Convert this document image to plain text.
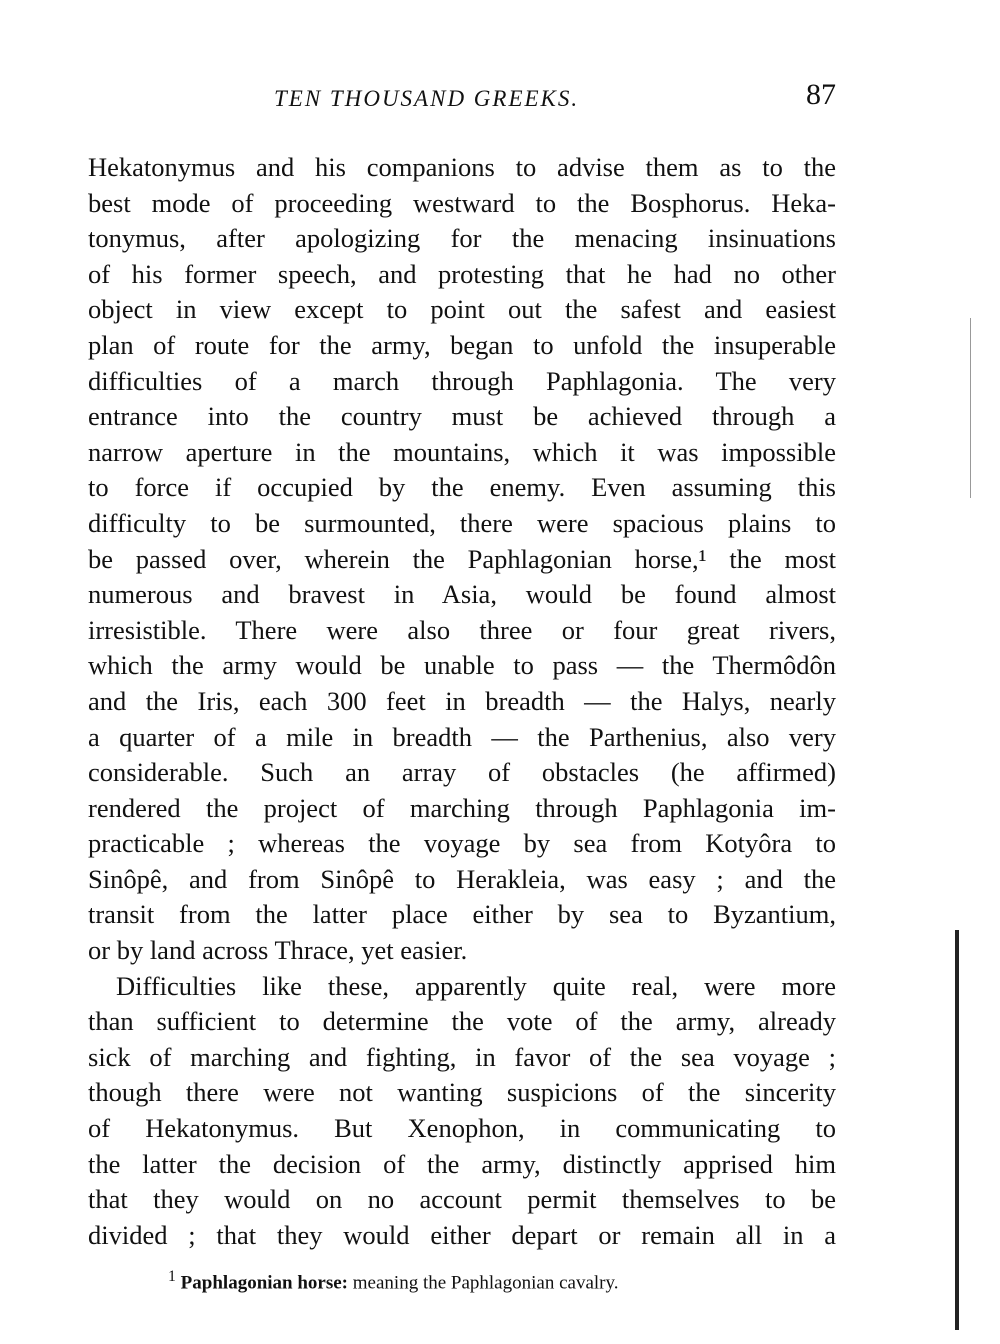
TEN THOUSAND GREEKS.	87
Hekatonymus and his companions to advise them as to the
best mode of proceeding westward to the Bosphorus. Heka-
tonymus, after apologizing for the menacing insinuations
of his former speech, and protesting that he had no other
object in view except to point out the safest and easiest
plan of route for the army, began to unfold the insuperable
difficulties of a march through Paphlagonia. The very
entrance into the country must be achieved through a
narrow aperture in the mountains, which it was impossible
to force if occupied by the enemy. Even assuming this
difficulty to be surmounted, there were spacious plains to
be passed over, wherein the Paphlagonian horse,¹ the most
numerous and bravest in Asia, would be found almost
irresistible. There were also three or four great rivers,
which the army would be unable to pass — the Thermôdôn
and the Iris, each 300 feet in breadth — the Halys, nearly
a quarter of a mile in breadth — the Parthenius, also very
considerable. Such an array of obstacles (he affirmed)
rendered the project of marching through Paphlagonia im-
practicable ; whereas the voyage by sea from Kotyôra to
Sinôpê, and from Sinôpê to Herakleia, was easy ; and the
transit from the latter place either by sea to Byzantium,
or by land across Thrace, yet easier.
Difficulties like these, apparently quite real, were more
than sufficient to determine the vote of the army, already
sick of marching and fighting, in favor of the sea voyage ;
though there were not wanting suspicions of the sincerity
of Hekatonymus. But Xenophon, in communicating to
the latter the decision of the army, distinctly apprised him
that they would on no account permit themselves to be
divided ; that they would either depart or remain all in a
$^1$ Paphlagonian horse: meaning the Paphlagonian cavalry.
